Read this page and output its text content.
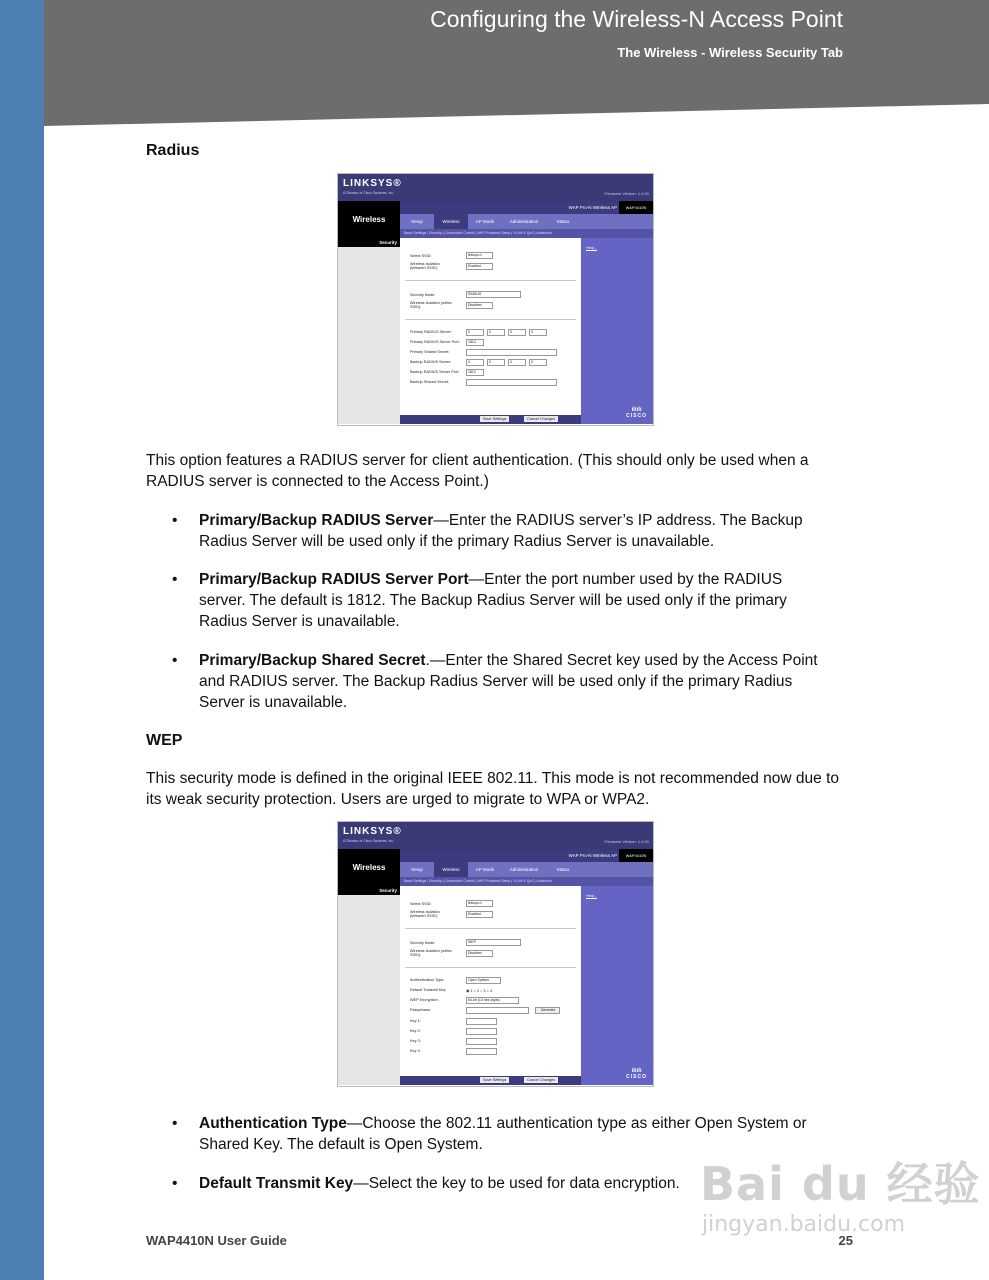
Configuring the Wireless-N Access Point
The Wireless - Wireless Security Tab
Radius
LINKSYS®
A Division of Cisco Systems, Inc.	Firmware Version: 1.0.00
Wireless
WAP Pro-N Wireless AP	WAP4410N
Setup	Wireless	AP Mode	Administration	Status
Basic Settings | Security | Connection Control | WiFi Protected Setup | VLAN & QoS | Advanced
Security
Select SSID:	linksys-n
Wireless Isolation (between SSID):	Enabled
Security Mode:	RADIUS
Wireless Isolation (within SSID):	Disabled
Primary RADIUS Server:	0	0	0	0
Primary RADIUS Server Port:	1812
Primary Shared Secret:
Backup RADIUS Server:	0	0	0	0
Backup RADIUS Server Port:	1812
Backup Shared Secret:
Help...
ılıılı
CISCO
Save Settings	Cancel Changes
This option features a RADIUS server for client authentication. (This should only be used when a RADIUS server is connected to the Access Point.)
• Primary/Backup RADIUS Server—Enter the RADIUS server’s IP address. The Backup Radius Server will be used only if the primary Radius Server is unavailable.
• Primary/Backup RADIUS Server Port—Enter the port number used by the RADIUS server. The default is 1812. The Backup Radius Server will be used only if the primary Radius Server is unavailable.
• Primary/Backup Shared Secret.—Enter the Shared Secret key used by the Access Point and RADIUS server. The Backup Radius Server will be used only if the primary Radius Server is unavailable.
WEP
This security mode is defined in the original IEEE 802.11. This mode is not recommended now due to its weak security protection. Users are urged to migrate to WPA or WPA2.
LINKSYS®
A Division of Cisco Systems, Inc.	Firmware Version: 1.0.00
Wireless
WAP Pro-N Wireless AP	WAP4410N
Setup	Wireless	AP Mode	Administration	Status
Basic Settings | Security | Connection Control | WiFi Protected Setup | VLAN & QoS | Advanced
Security
Select SSID:	linksys-n
Wireless Isolation (between SSID):	Enabled
Security Mode:	WEP
Wireless Isolation (within SSID):	Disabled
Authentication Type:	Open System
Default Transmit Key:	◉ 1 ○ 2 ○ 3 ○ 4
WEP Encryption:	64-bit (10 hex digits)
Passphrase:	Generate
Key 1:
Key 2:
Key 3:
Key 4:
Help...
ılıılı
CISCO
Save Settings	Cancel Changes
• Authentication Type—Choose the 802.11 authentication type as either Open System or Shared Key. The default is Open System.
• Default Transmit Key—Select the key to be used for data encryption. Bai du 经验
jingyan.baidu.com
WAP4410N User Guide	25
